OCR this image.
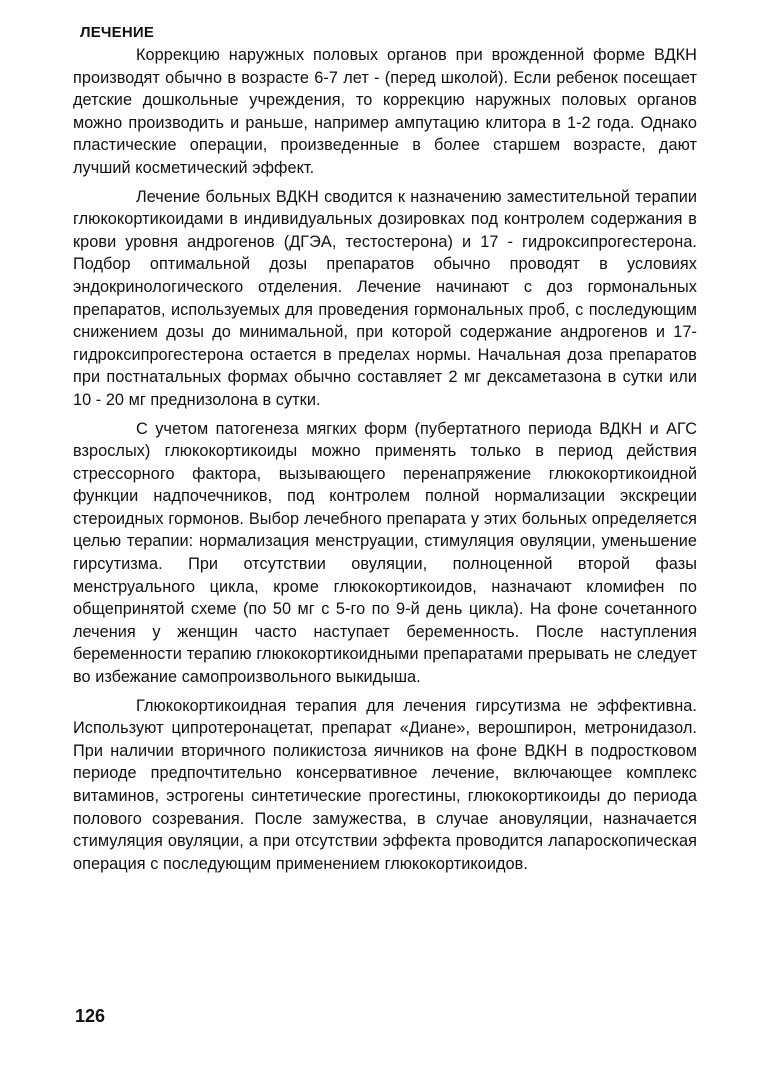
ЛЕЧЕНИЕ

Коррекцию наружных половых органов при врожденной форме ВДКН производят обычно в возрасте 6-7 лет - (перед школой). Если ребенок посещает детские дошкольные учреждения, то коррекцию наружных половых органов можно производить и раньше, например ампутацию клитора в 1-2 года. Однако пластические операции, произведенные в более старшем возрасте, дают лучший косметический эффект.

Лечение больных ВДКН сводится к назначению заместительной терапии глюкокортикоидами в индивидуальных дозировках под контролем содержания в крови уровня андрогенов (ДГЭА, тестостерона) и 17 - гидроксипрогестерона. Подбор оптимальной дозы препаратов обычно проводят в условиях эндокринологического отделения. Лечение начинают с доз гормональных препаратов, используемых для проведения гормональных проб, с последующим снижением дозы до минимальной, при которой содержание андрогенов и 17-гидроксипрогестерона остается в пределах нормы. Начальная доза препаратов при постнатальных формах обычно составляет 2 мг дексаметазона в сутки или 10 - 20 мг преднизолона в сутки.

С учетом патогенеза мягких форм (пубертатного периода ВДКН и АГС взрослых) глюкокортикоиды можно применять только в период действия стрессорного фактора, вызывающего перенапряжение глюкокортикоидной функции надпочечников, под контролем полной нормализации экскреции стероидных гормонов. Выбор лечебного препарата у этих больных определяется целью терапии: нормализация менструации, стимуляция овуляции, уменьшение гирсутизма. При отсутствии овуляции, полноценной второй фазы менструального цикла, кроме глюкокортикоидов, назначают кломифен по общепринятой схеме (по 50 мг с 5-го по 9-й день цикла). На фоне сочетанного лечения у женщин часто наступает беременность. После наступления беременности терапию глюкокортикоидными препаратами прерывать не следует во избежание самопроизвольного выкидыша.

Глюкокортикоидная терапия для лечения гирсутизма не эффективна. Используют ципротеронацетат, препарат «Диане», верошпирон, метронидазол. При наличии вторичного поликистоза яичников на фоне ВДКН в подростковом периоде предпочтительно консервативное лечение, включающее комплекс витаминов, эстрогены синтетические прогестины, глюкокортикоиды до периода полового созревания. После замужества, в случае ановуляции, назначается стимуляция овуляции, а при отсутствии эффекта проводится лапароскопическая операция с последующим применением глюкокортикоидов.

126
